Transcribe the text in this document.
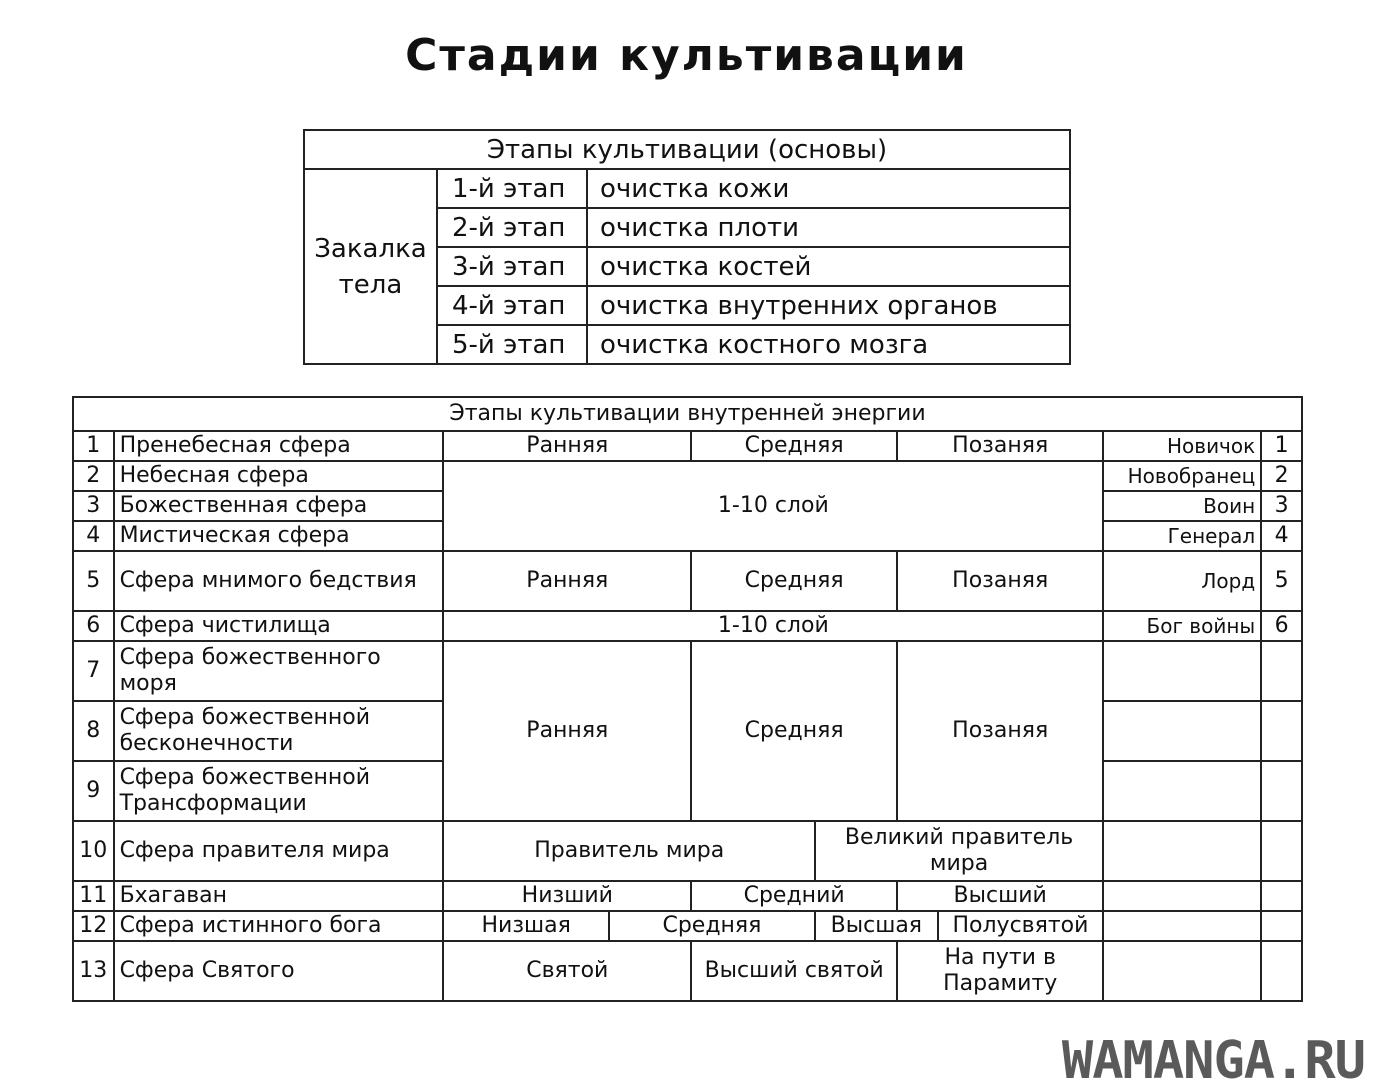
Стадии культивации
Этапы культивации (основы)		
Закалка тела	1-й этап	очистка кожи
	2-й этап	очистка плоти
	3-й этап	очистка костей
	4-й этап	очистка внутренних органов
	5-й этап	очистка костного мозга
Этапы культивации внутренней энергии									
1	Прeнебесная сфера	Ранняя		Средняя		Позаняя		Новичок	1
2	Небесная сфера	1-10 слой						Новобранец	2
3	Божественная сфера							Воин	3
4	Мистическая сфера							Генерал	4
5	Сфера мнимого бедствия	Ранняя		Средняя		Позаняя		Лорд	5
6	Сфера чистилища	1-10 слой						Бог войны	6
7	Сфера божественного моря	Ранняя		Средняя		Позаняя			
8	Сфера божественной бесконечности								
9	Сфера божественной Трансформации								
10	Сфера правителя мира	Правитель мира			Великий правитель мира				
11	Бхагаван	Низший		Средний		Высший			
12	Сфера истинного бога	Низшая	Средняя		Высшая		Полусвятой		
13	Сфера Святого	Святой		Высший святой		На пути в Парамиту			
WAMANGA.RU
